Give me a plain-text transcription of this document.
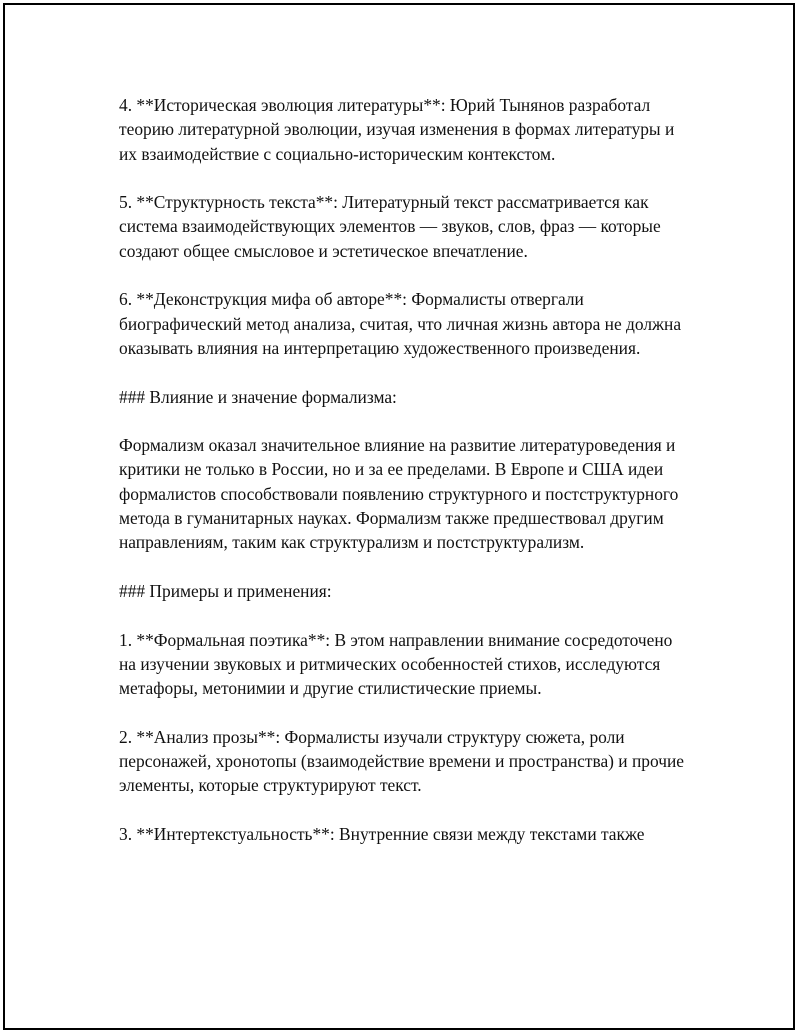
4. **Историческая эволюция литературы**: Юрий Тынянов разработал теорию литературной эволюции, изучая изменения в формах литературы и их взаимодействие с социально-историческим контекстом.

5. **Структурность текста**: Литературный текст рассматривается как система взаимодействующих элементов — звуков, слов, фраз — которые создают общее смысловое и эстетическое впечатление.

6. **Деконструкция мифа об авторе**: Формалисты отвергали биографический метод анализа, считая, что личная жизнь автора не должна оказывать влияния на интерпретацию художественного произведения.

### Влияние и значение формализма:

Формализм оказал значительное влияние на развитие литературоведения и критики не только в России, но и за ее пределами. В Европе и США идеи формалистов способствовали появлению структурного и постструктурного метода в гуманитарных науках. Формализм также предшествовал другим направлениям, таким как структурализм и постструктурализм.

### Примеры и применения:

1. **Формальная поэтика**: В этом направлении внимание сосредоточено на изучении звуковых и ритмических особенностей стихов, исследуются метафоры, метонимии и другие стилистические приемы.

2. **Анализ прозы**: Формалисты изучали структуру сюжета, роли персонажей, хронотопы (взаимодействие времени и пространства) и прочие элементы, которые структурируют текст.

3. **Интертекстуальность**: Внутренние связи между текстами также
